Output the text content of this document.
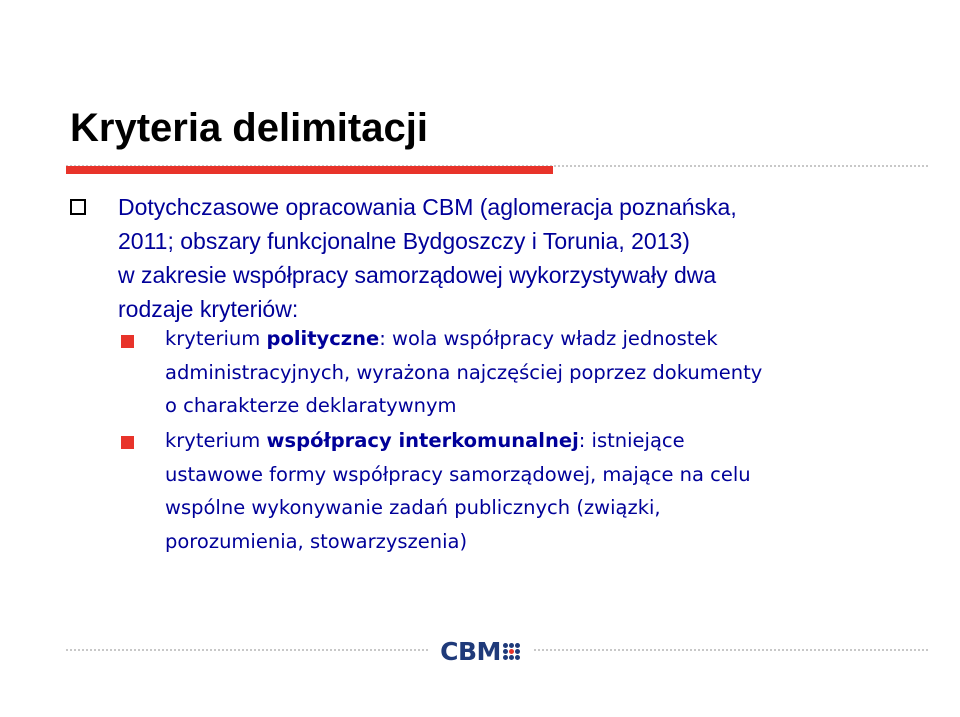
Kryteria delimitacji

Dotychczasowe opracowania CBM (aglomeracja poznańska,
2011; obszary funkcjonalne Bydgoszczy i Torunia, 2013)
w zakresie współpracy samorządowej wykorzystywały dwa
rodzaje kryteriów:

kryterium polityczne: wola współpracy władz jednostek
administracyjnych, wyrażona najczęściej poprzez dokumenty
o charakterze deklaratywnym

kryterium współpracy interkomunalnej: istniejące
ustawowe formy współpracy samorządowej, mające na celu
wspólne wykonywanie zadań publicznych (związki,
porozumienia, stowarzyszenia)

CBM
